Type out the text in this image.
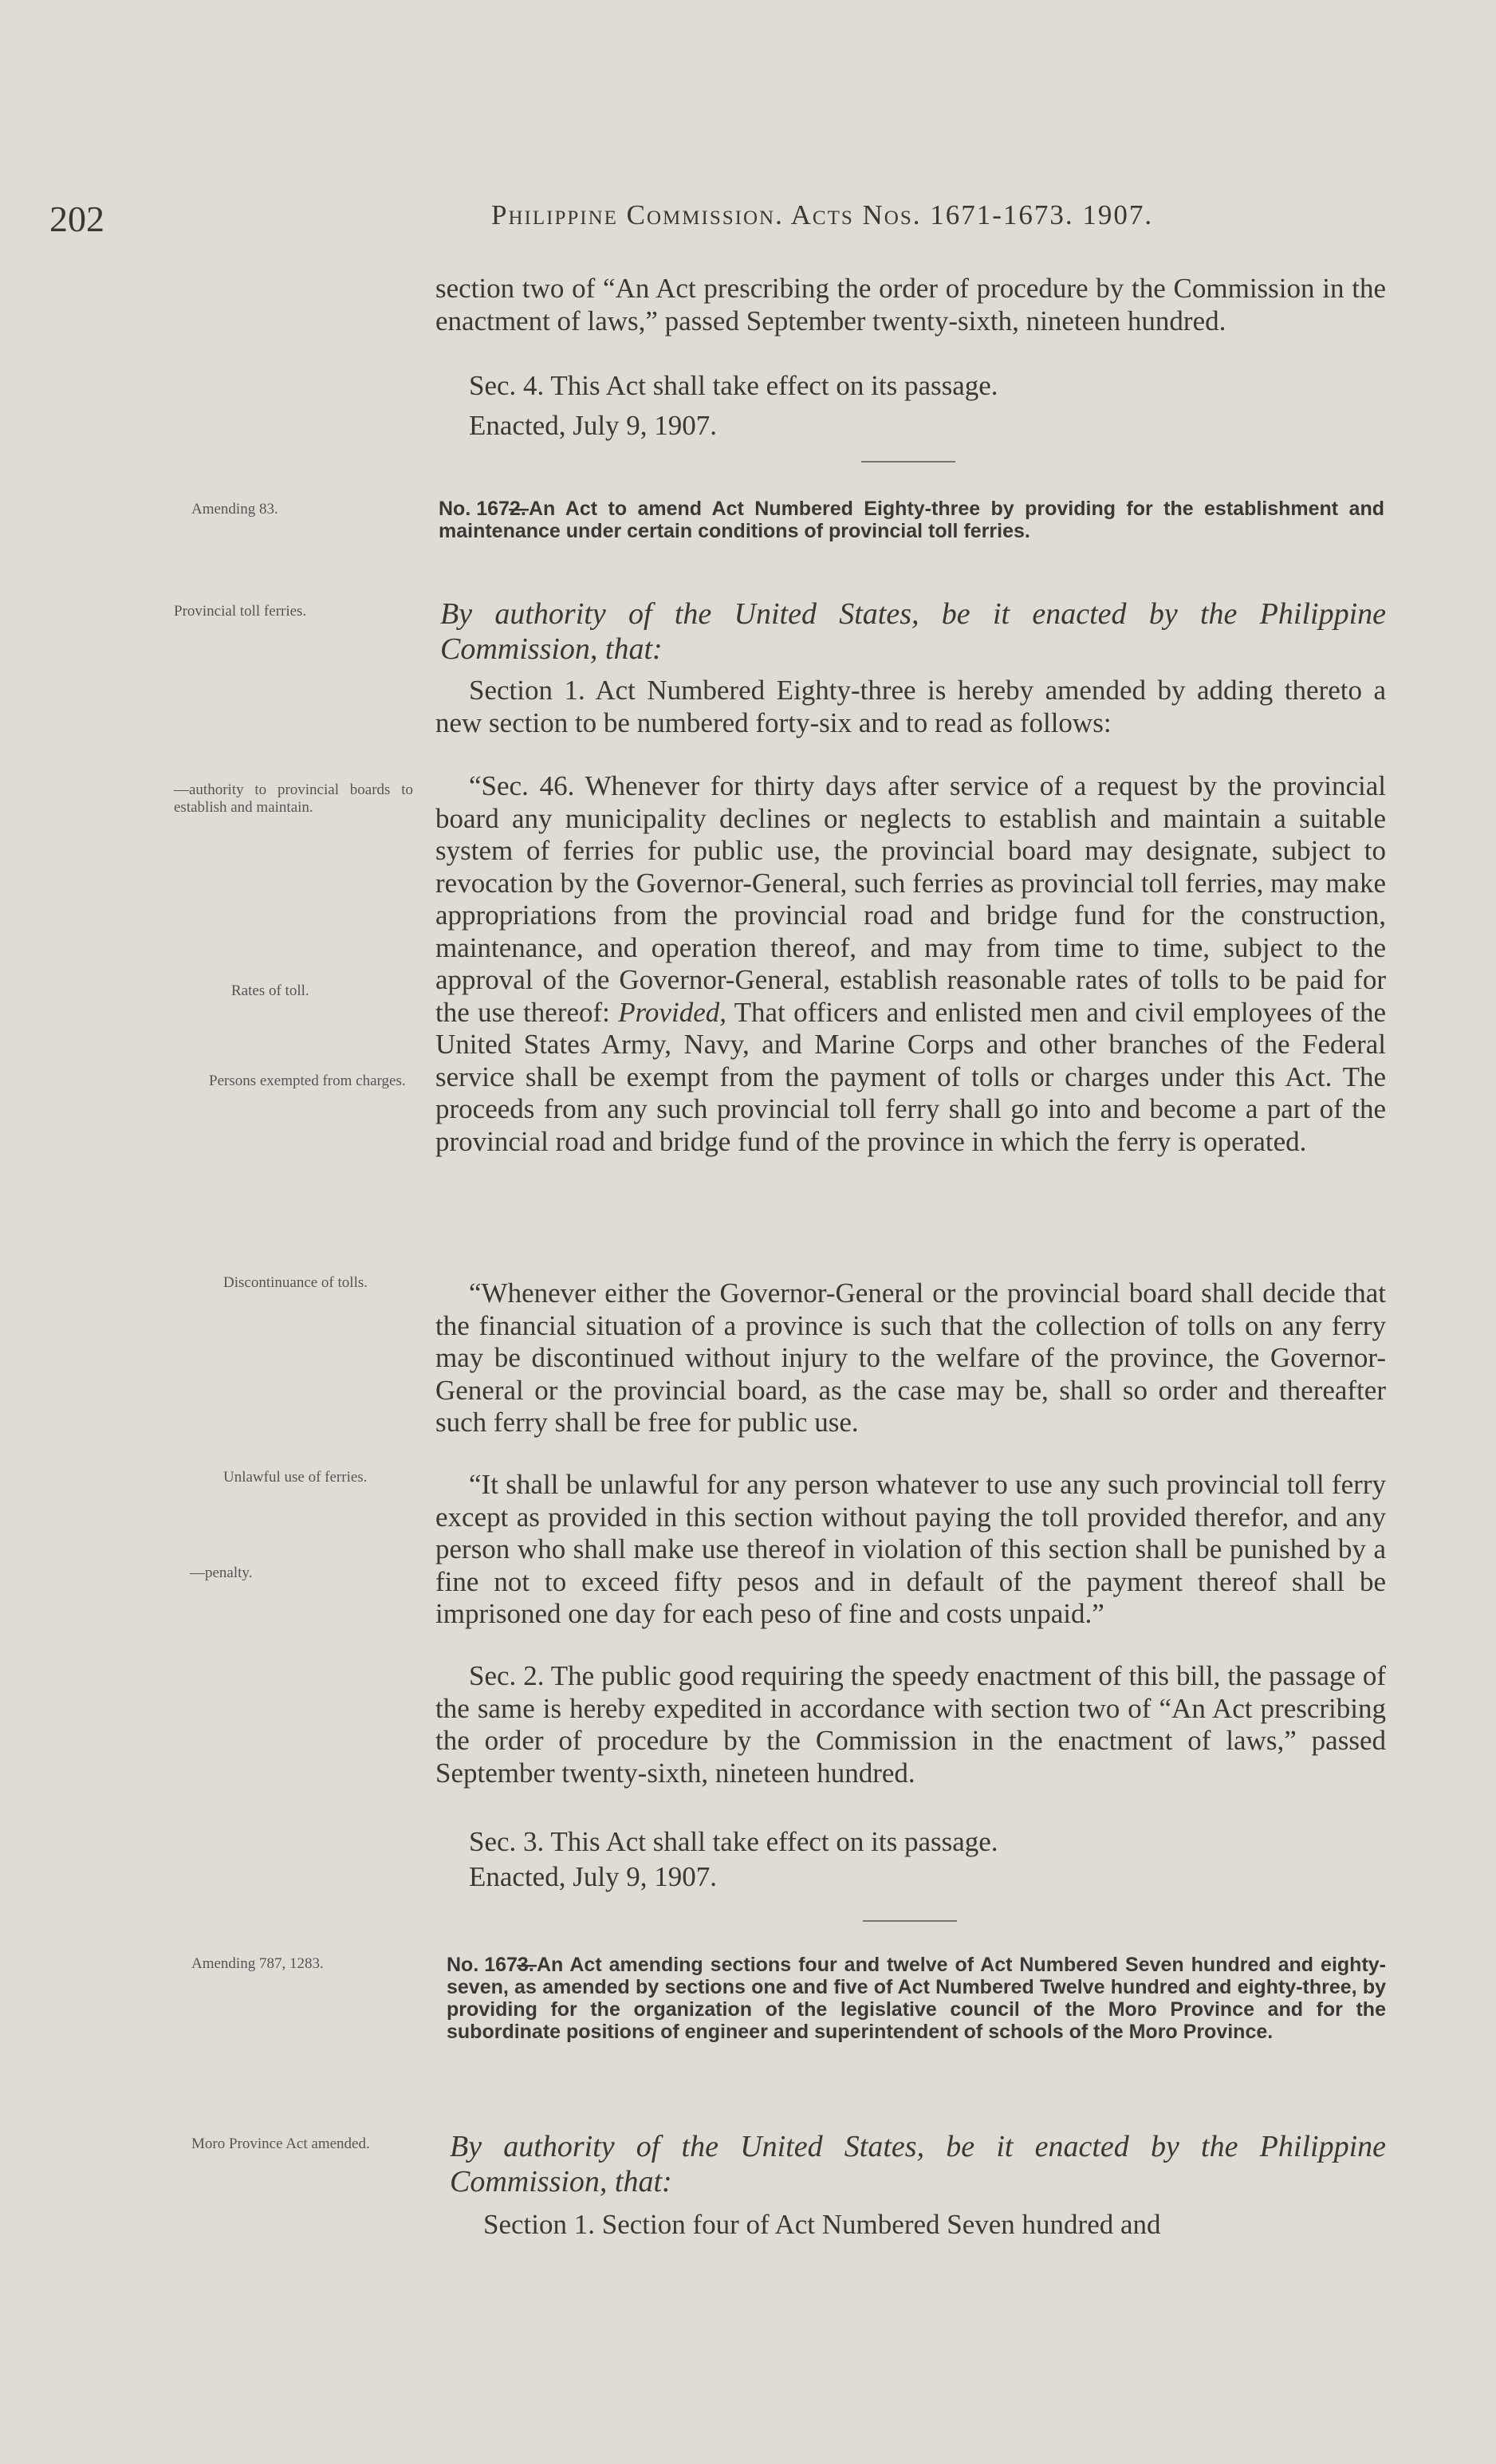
202	Philippine Commission. Acts Nos. 1671-1673. 1907.
section two of “An Act prescribing the order of procedure by the Commission in the enactment of laws,” passed September twenty-sixth, nineteen hundred.
Sec. 4. This Act shall take effect on its passage.
Enacted, July 9, 1907.
Amending 83.	No. 1672.
—An Act to amend Act Numbered Eighty-three by providing for the establishment and maintenance under certain conditions of provincial toll ferries.
Provincial toll ferries.	By authority of the United States, be it enacted by the Philippine Commission, that:
Section 1. Act Numbered Eighty-three is hereby amended by adding thereto a new section to be numbered forty-six and to read as follows:
—authority to provincial boards to establish and maintain.
Rates of toll.
Persons exempted from charges.
“Sec. 46. Whenever for thirty days after service of a request by the provincial board any municipality declines or neglects to establish and maintain a suitable system of ferries for public use, the provincial board may designate, subject to revocation by the Governor-General, such ferries as provincial toll ferries, may make appropriations from the provincial road and bridge fund for the construction, maintenance, and operation thereof, and may from time to time, subject to the approval of the Governor-General, establish reasonable rates of tolls to be paid for the use thereof: Provided, That officers and enlisted men and civil employees of the United States Army, Navy, and Marine Corps and other branches of the Federal service shall be exempt from the payment of tolls or charges under this Act. The proceeds from any such provincial toll ferry shall go into and become a part of the provincial road and bridge fund of the province in which the ferry is operated.
Discontinuance of tolls.	“Whenever either the Governor-General or the provincial board shall decide that the financial situation of a province is such that the collection of tolls on any ferry may be discontinued without injury to the welfare of the province, the Governor-General or the provincial board, as the case may be, shall so order and thereafter such ferry shall be free for public use.
Unlawful use of ferries.
—penalty.
“It shall be unlawful for any person whatever to use any such provincial toll ferry except as provided in this section without paying the toll provided therefor, and any person who shall make use thereof in violation of this section shall be punished by a fine not to exceed fifty pesos and in default of the payment thereof shall be imprisoned one day for each peso of fine and costs unpaid.”
Sec. 2. The public good requiring the speedy enactment of this bill, the passage of the same is hereby expedited in accordance with section two of “An Act prescribing the order of procedure by the Commission in the enactment of laws,” passed September twenty-sixth, nineteen hundred.
Sec. 3. This Act shall take effect on its passage.
Enacted, July 9, 1907.
Amending 787, 1283.	No. 1673.
—An Act amending sections four and twelve of Act Numbered Seven hundred and eighty-seven, as amended by sections one and five of Act Numbered Twelve hundred and eighty-three, by providing for the organization of the legislative council of the Moro Province and for the subordinate positions of engineer and superintendent of schools of the Moro Province.
Moro Province Act amended.	By authority of the United States, be it enacted by the Philippine Commission, that:
Section 1. Section four of Act Numbered Seven hundred and
